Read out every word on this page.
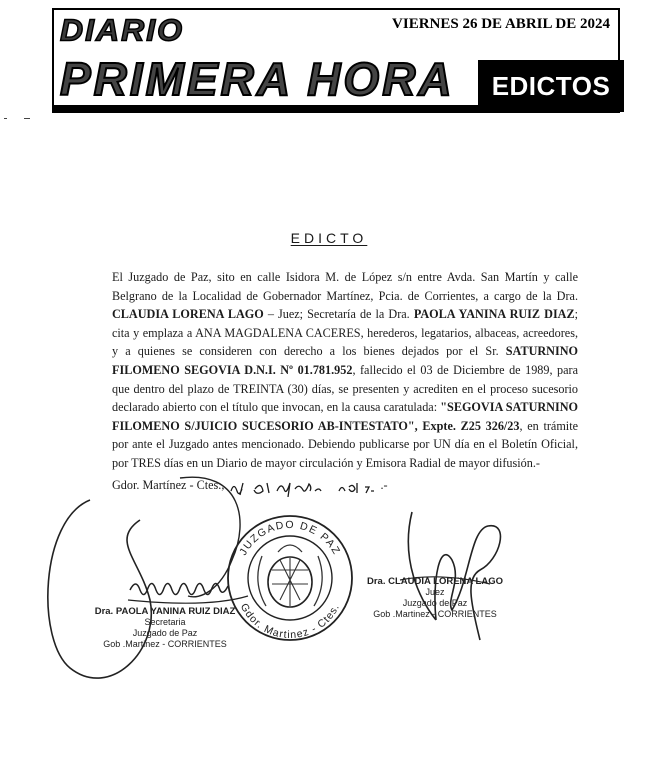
DIARIO	VIERNES 26 DE ABRIL DE 2024
PRIMERA HORA	EDICTOS
EDICTO
El Juzgado de Paz, sito en calle Isidora M. de López s/n entre Avda. San Martín y calle Belgrano de la Localidad de Gobernador Martínez, Pcia. de Corrientes, a cargo de la Dra. CLAUDIA LORENA LAGO – Juez; Secretaría de la Dra. PAOLA YANINA RUIZ DIAZ; cita y emplaza a ANA MAGDALENA CACERES, herederos, legatarios, albaceas, acreedores, y a quienes se consideren con derecho a los bienes dejados por el Sr. SATURNINO FILOMENO SEGOVIA D.N.I. Nº 01.781.952, fallecido el 03 de Diciembre de 1989, para que dentro del plazo de TREINTA (30) días, se presenten y acrediten en el proceso sucesorio declarado abierto con el título que invocan, en la causa caratulada: "SEGOVIA SATURNINO FILOMENO S/JUICIO SUCESORIO AB-INTESTATO", Expte. Z25 326/23, en trámite por ante el Juzgado antes mencionado. Debiendo publicarse por UN día en el Boletín Oficial, por TRES días en un Diario de mayor circulación y Emisora Radial de mayor difusión.-
Gdor. Martínez - Ctes.,	.-
JUZGADO DE PAZ
Gdor. Martinez - Ctes.
Dra. PAOLA YANINA RUIZ DIAZ
Secretaria
Juzgado de Paz
Gob .Martinez - CORRIENTES
Dra. CLAUDIA LORENA LAGO
Juez
Juzgado de Paz
Gob .Martinez - CORRIENTES
